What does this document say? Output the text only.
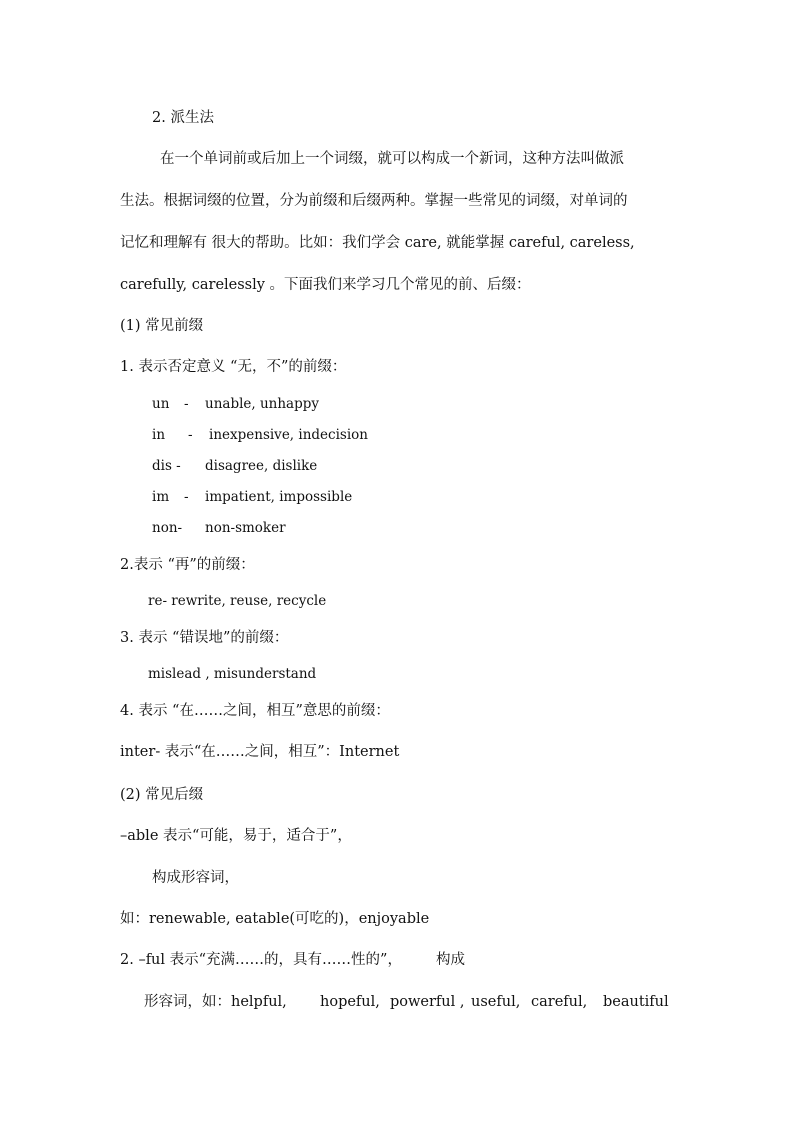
2. 派生法
在一个单词前或后加上一个词缀，就可以构成一个新词，这种方法叫做派
生法。根据词缀的位置，分为前缀和后缀两种。掌握一些常见的词缀，对单词的
记忆和理解有 很大的帮助。比如：我们学会 care, 就能掌握 careful, careless,
carefully, carelessly 。下面我们来学习几个常见的前、后缀：
(1) 常见前缀
1. 表示否定意义 “无，不”的前缀：
un - unable, unhappy
in - inexpensive, indecision
dis - disagree, dislike
im - impatient, impossible
non- non-smoker
2.表示 “再”的前缀：
re- rewrite, reuse, recycle
3. 表示 “错误地”的前缀：
mislead , misunderstand
4. 表示 “在……之间，相互”意思的前缀：
inter- 表示“在……之间，相互”：Internet
(2) 常见后缀
–able 表示“可能，易于，适合于”，
构成形容词，
如：renewable, eatable(可吃的)，enjoyable
2. –ful 表示“充满……的，具有……性的”， 构成
形容词，如：helpful, hopeful, powerful , useful, careful, beautiful
